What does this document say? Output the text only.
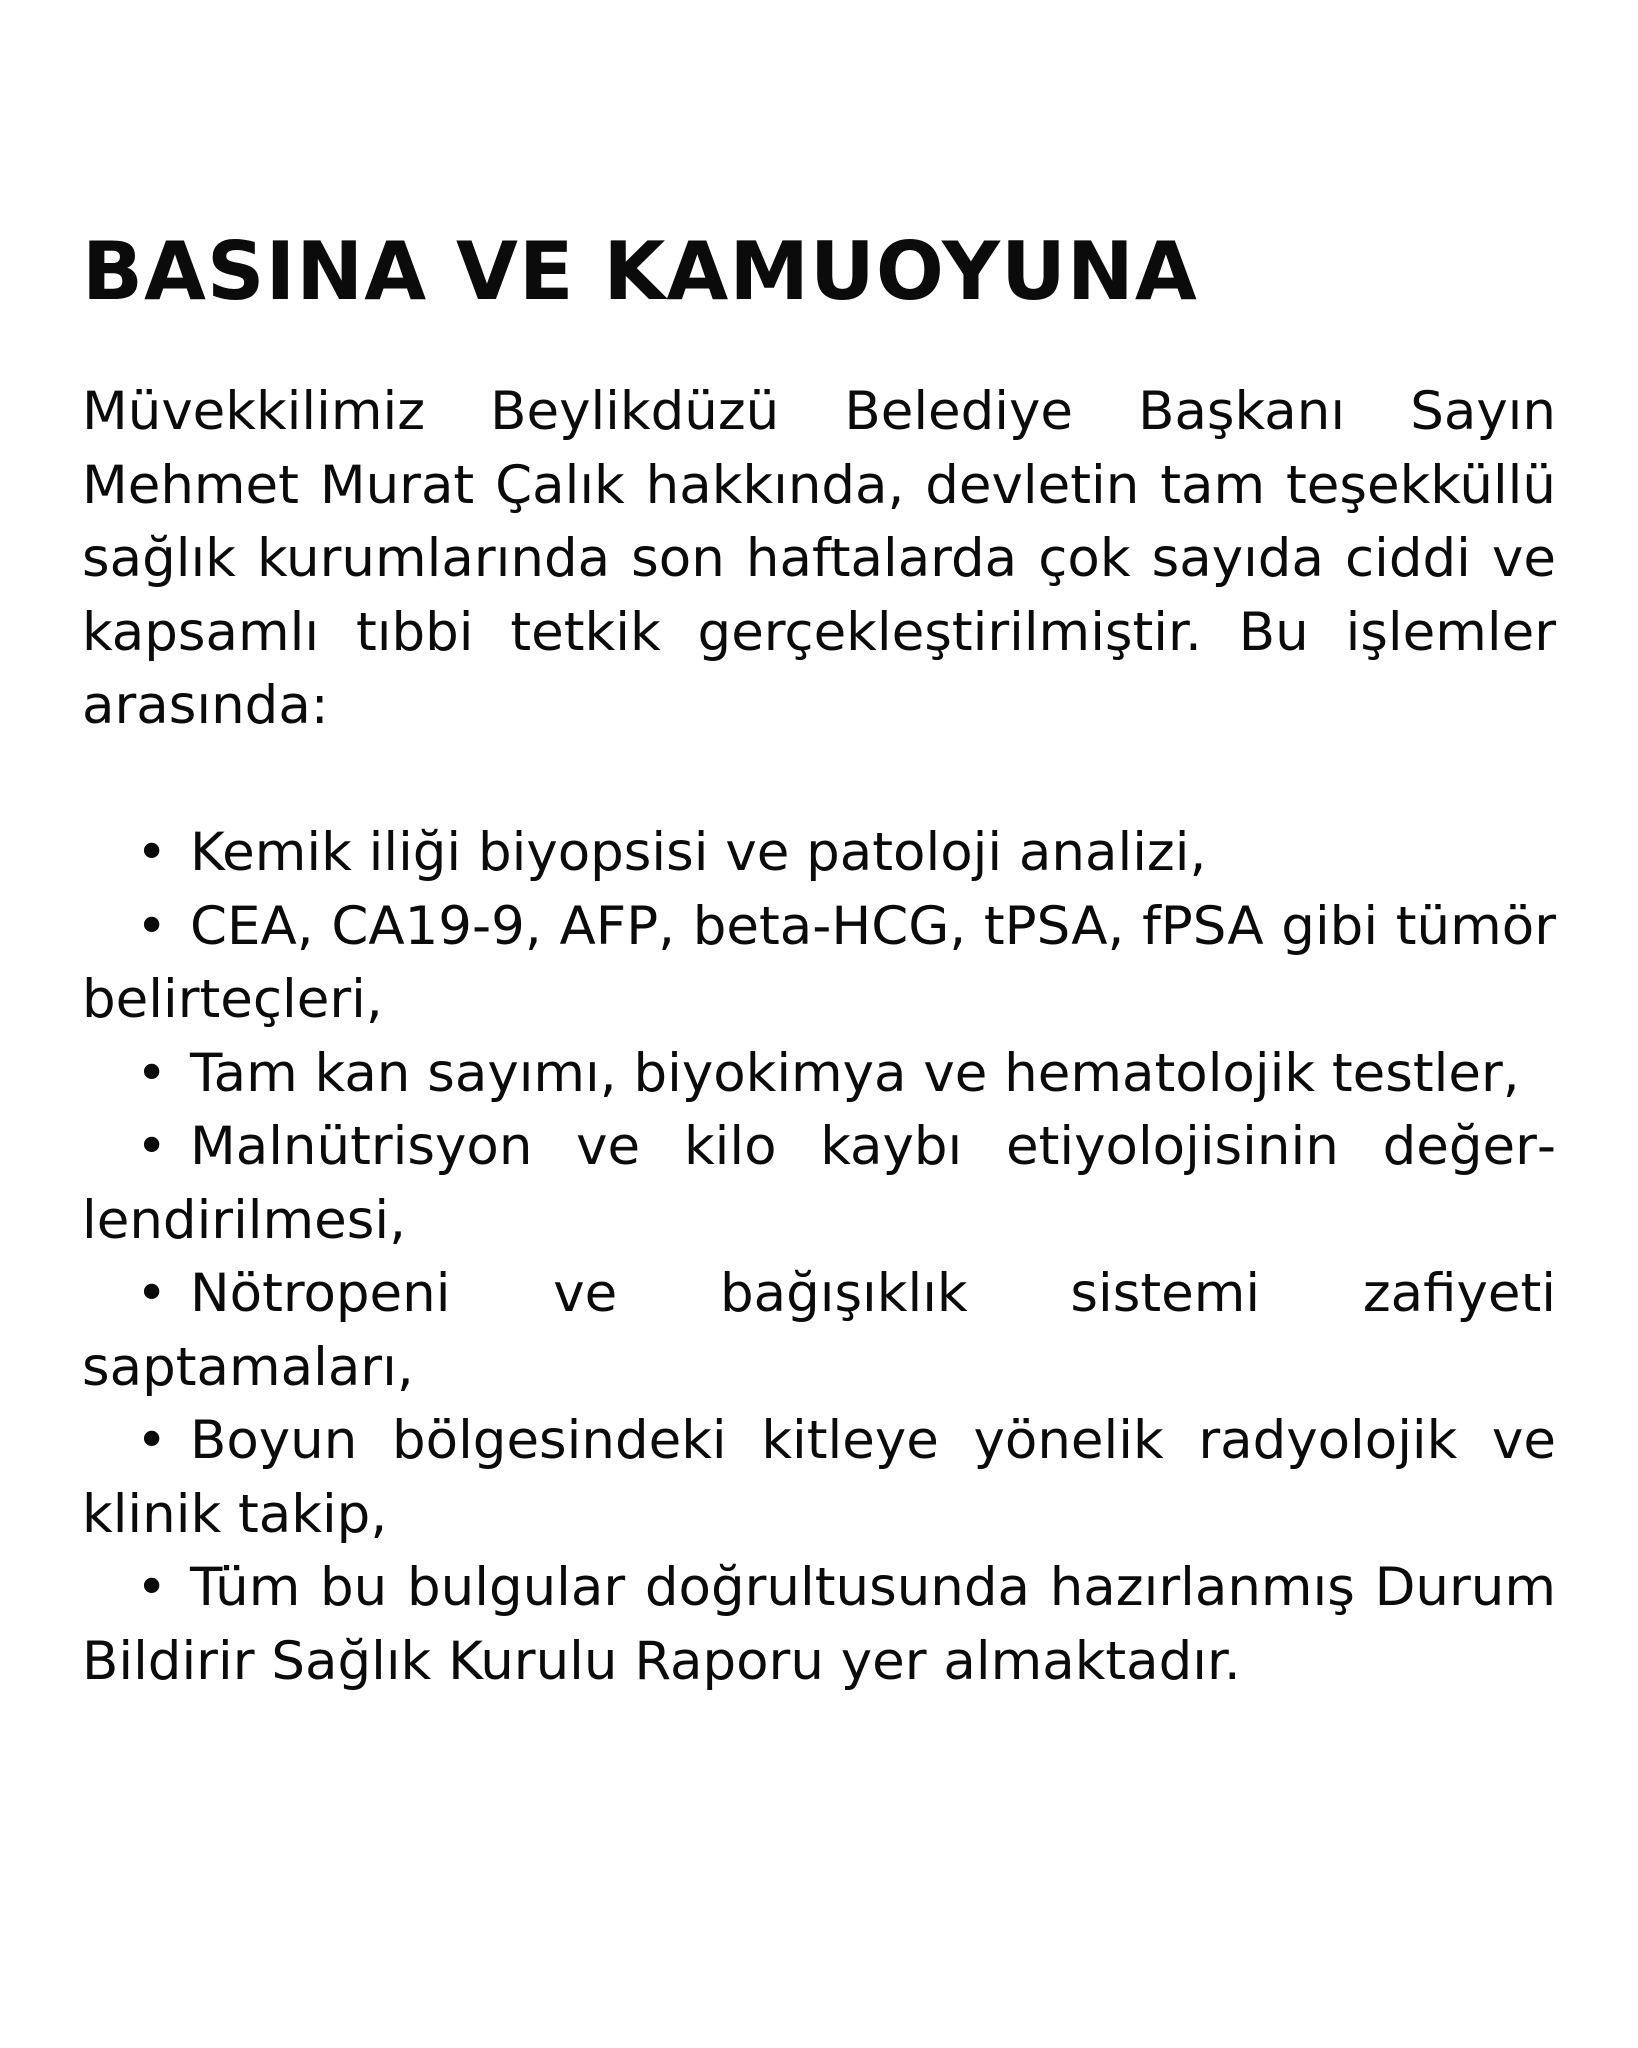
BASINA VE KAMUOYUNA

Müvekkilimiz Beylikdüzü Belediye Başkanı Sayın Mehmet Murat Çalık hakkında, devletin tam teşekküllü sağlık kurumlarında son haftalarda çok sayıda ciddi ve kapsamlı tıbbi tetkik gerçekleştirilmiştir. Bu işlemler arasında:

• Kemik iliği biyopsisi ve patoloji analizi,
• CEA, CA19-9, AFP, beta-HCG, tPSA, fPSA gibi tümör belirteçleri,
• Tam kan sayımı, biyokimya ve hematolojik testler,
• Malnütrisyon ve kilo kaybı etiyolojisinin değerlendirilmesi,
• Nötropeni ve bağışıklık sistemi zafiyeti saptamaları,
• Boyun bölgesindeki kitleye yönelik radyolojik ve klinik takip,
• Tüm bu bulgular doğrultusunda hazırlanmış Durum Bildirir Sağlık Kurulu Raporu yer almaktadır.
